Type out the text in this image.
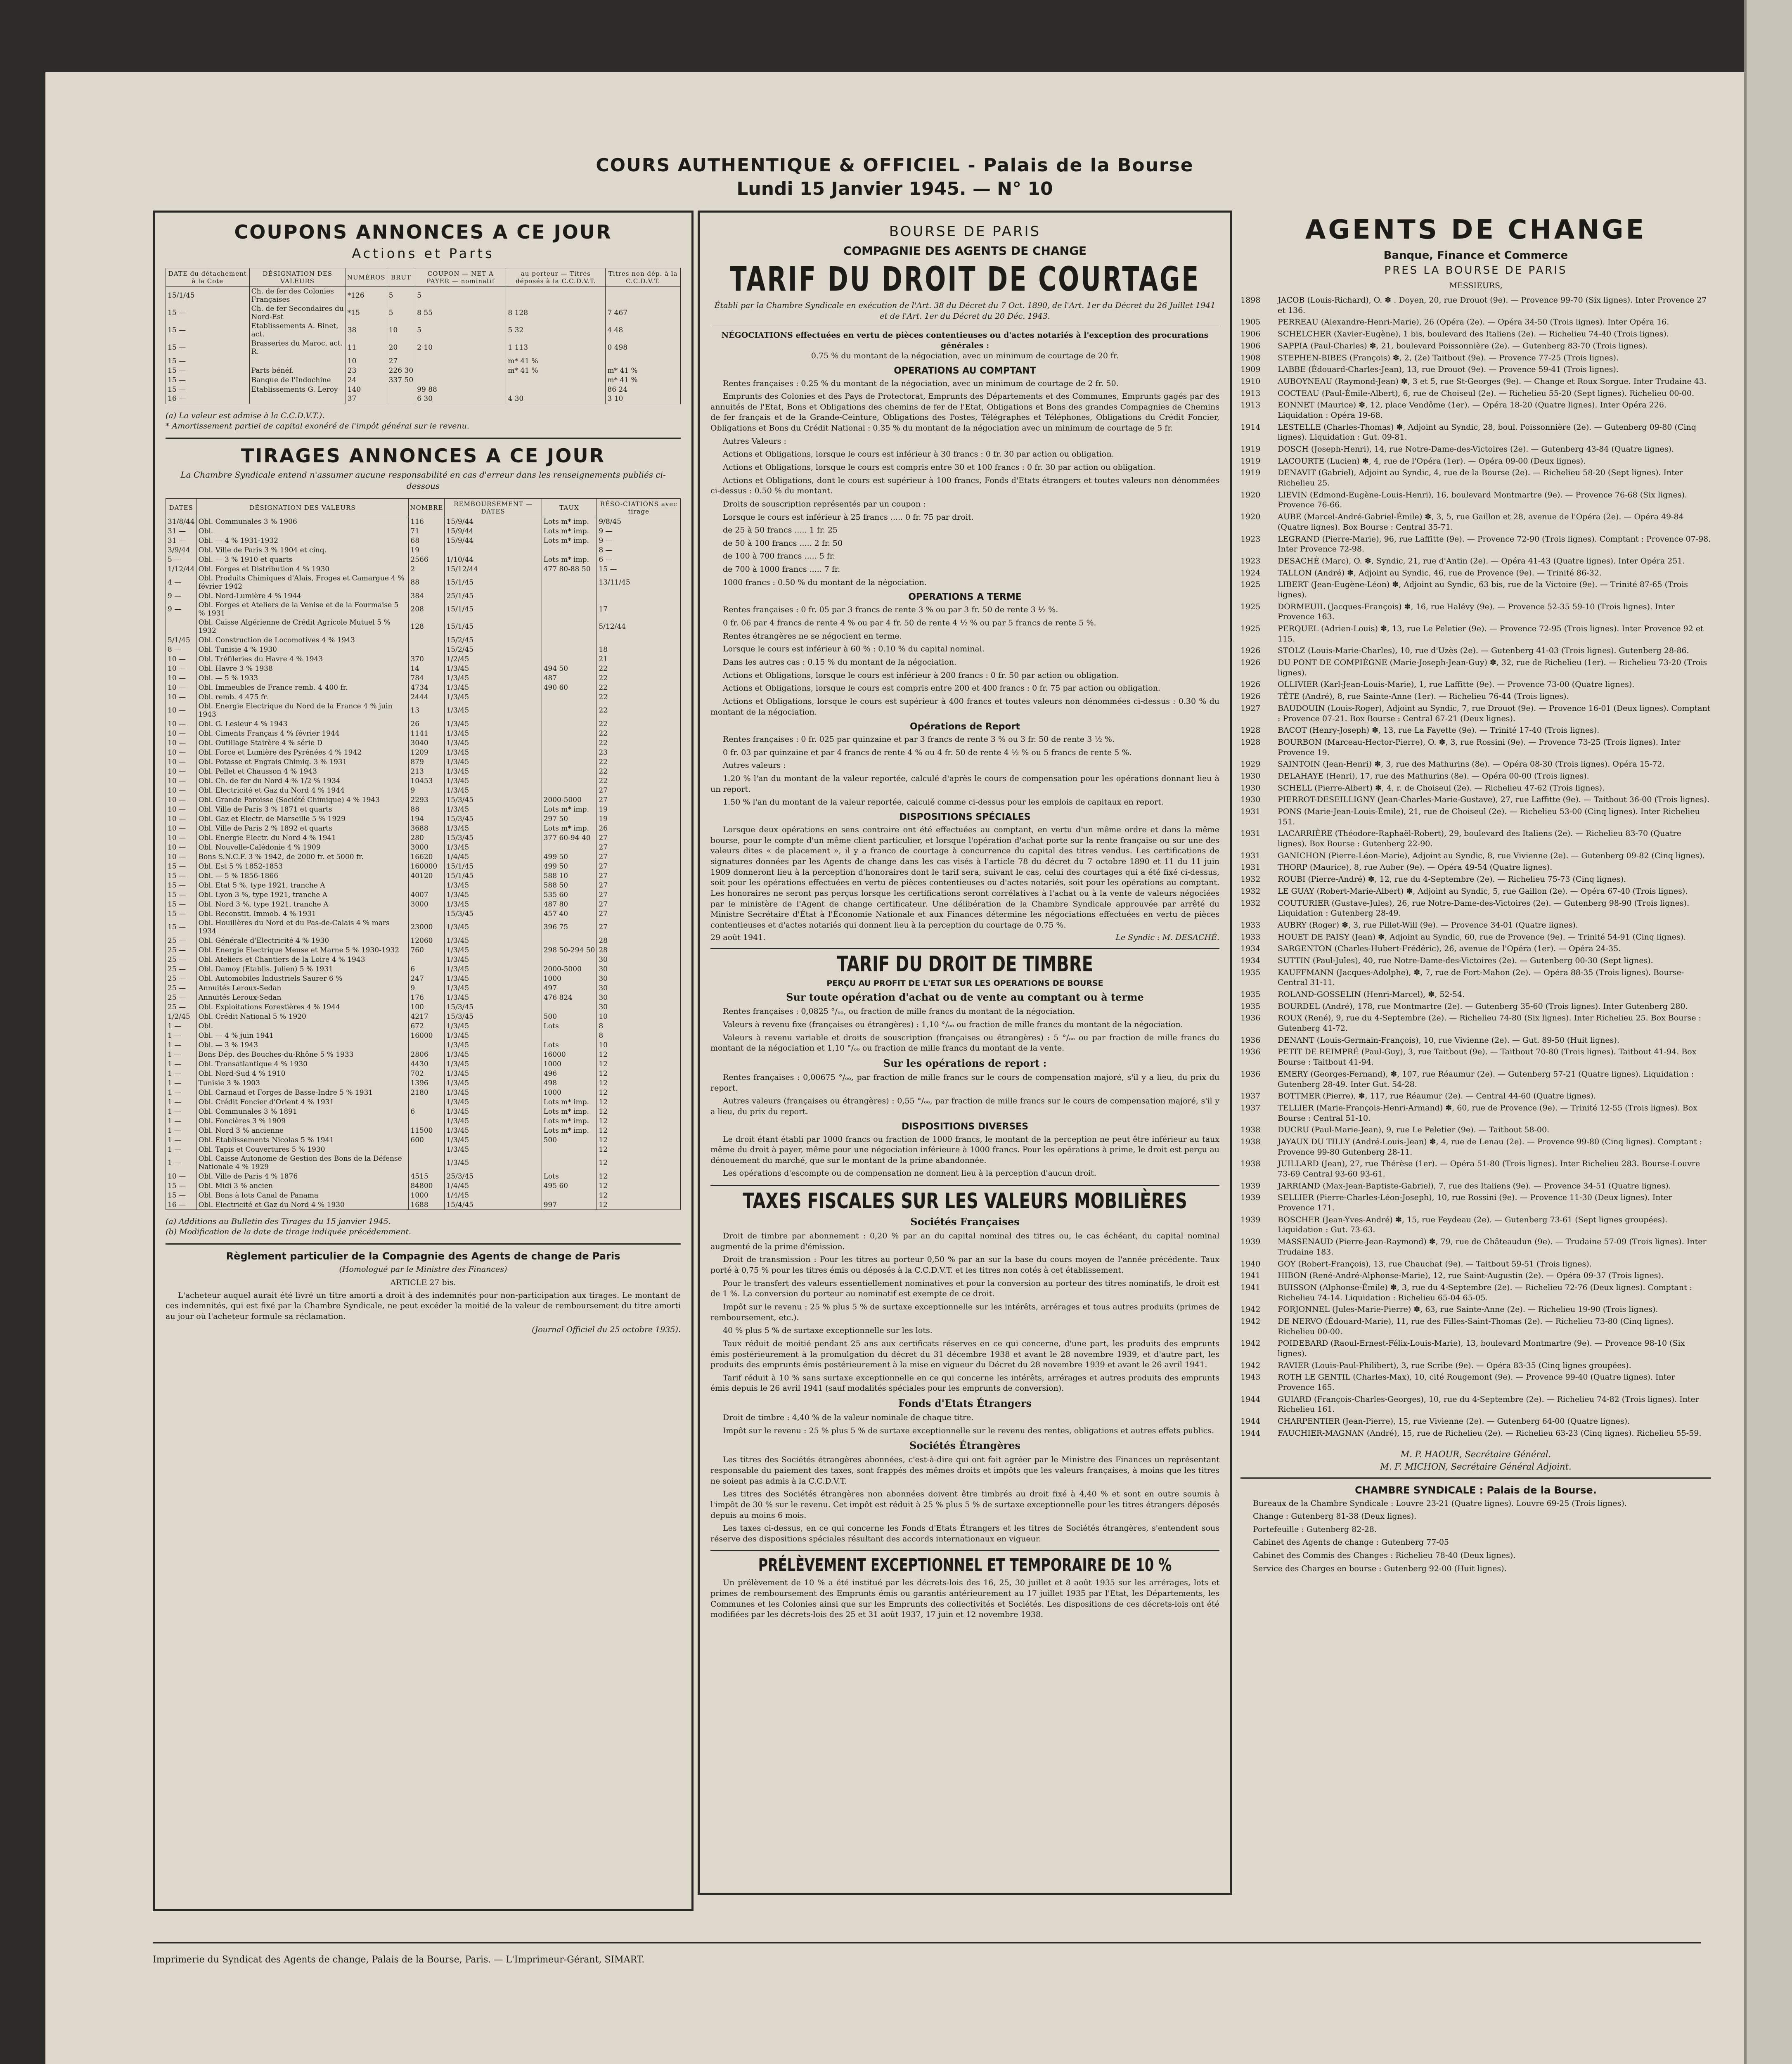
COURS AUTHENTIQUE & OFFICIEL - Palais de la Bourse
Lundi 15 Janvier 1945. — N° 10
COUPONS ANNONCES A CE JOUR
Actions et Parts
DATE du détachement à la Cote	DÉSIGNATION DES VALEURS	NUMÉROS	BRUT	COUPON — NET A PAYER — nominatif	au porteur — Titres déposés à la C.C.D.V.T.	Titres non dép. à la C.C.D.V.T.
15/1/45	Ch. de fer des Colonies Françaises	*126	5	5		
15 —	Ch. de fer Secondaires du Nord-Est	*15	5	8 55	8 128	7 467
15 —	Etablissements A. Binet, act.	38	10	5	5 32	4 48
15 —	Brasseries du Maroc, act. R.	11	20	2 10	1 113	0 498
15 —		10	27		m* 41 %	
15 —	Parts bénéf.	23	226 30		m* 41 %	m* 41 %
15 —	Banque de l'Indochine	24	337 50			m* 41 %
15 —	Etablissements G. Leroy	140		99 88		86 24
16 —		37		6 30	4 30	3 10
(a) La valeur est admise à la C.C.D.V.T.).
* Amortissement partiel de capital exonéré de l'impôt général sur le revenu.
TIRAGES ANNONCES A CE JOUR
La Chambre Syndicale entend n'assumer aucune responsabilité en cas d'erreur dans les renseignements publiés ci-dessous
DATES	DÉSIGNATION DES VALEURS	NOMBRE	REMBOURSEMENT — DATES	TAUX	RÉSO-CIATIONS avec tirage
31/8/44	Obl. Communales 3 % 1906	116	15/9/44	Lots m* imp.	9/8/45
31 —	Obl.	71	15/9/44	Lots m* imp.	9 —
31 —	Obl. — 4 % 1931-1932	68	15/9/44	Lots m* imp.	9 —
3/9/44	Obl. Ville de Paris 3 % 1904 et cinq.	19			8 —
5 —	Obl. — 3 % 1910 et quarts	2566	1/10/44	Lots m* imp.	6 —
1/12/44	Obl. Forges et Distribution 4 % 1930	2	15/12/44	477 80-88 50	15 —
4 —	Obl. Produits Chimiques d'Alais, Froges et Camargue 4 % février 1942	88	15/1/45		13/11/45
9 —	Obl. Nord-Lumière 4 % 1944	384	25/1/45		
9 —	Obl. Forges et Ateliers de la Venise et de la Fourmaise 5 % 1931	208	15/1/45		17
	Obl. Caisse Algérienne de Crédit Agricole Mutuel 5 % 1932	128	15/1/45		5/12/44
5/1/45	Obl. Construction de Locomotives 4 % 1943		15/2/45		
8 —	Obl. Tunisie 4 % 1930		15/2/45		18
10 —	Obl. Tréfileries du Havre 4 % 1943	370	1/2/45		21
10 —	Obl. Havre 3 % 1938	14	1/3/45	494 50	22
10 —	Obl. — 5 % 1933	784	1/3/45	487	22
10 —	Obl. Immeubles de France remb. 4 400 fr.	4734	1/3/45	490 60	22
10 —	Obl. remb. 4 475 fr.	2444	1/3/45		22
10 —	Obl. Energie Electrique du Nord de la France 4 % juin 1943	13	1/3/45		22
10 —	Obl. G. Lesieur 4 % 1943	26	1/3/45		22
10 —	Obl. Ciments Français 4 % février 1944	1141	1/3/45		22
10 —	Obl. Outillage Stairère 4 % série D	3040	1/3/45		22
10 —	Obl. Force et Lumière des Pyrénées 4 % 1942	1209	1/3/45		23
10 —	Obl. Potasse et Engrais Chimiq. 3 % 1931	879	1/3/45		22
10 —	Obl. Pellet et Chausson 4 % 1943	213	1/3/45		22
10 —	Obl. Ch. de fer du Nord 4 % 1/2 % 1934	10453	1/3/45		22
10 —	Obl. Electricité et Gaz du Nord 4 % 1944	9	1/3/45		27
10 —	Obl. Grande Paroisse (Société Chimique) 4 % 1943	2293	15/3/45	2000-5000	27
10 —	Obl. Ville de Paris 3 % 1871 et quarts	88	1/3/45	Lots m* imp.	19
10 —	Obl. Gaz et Electr. de Marseille 5 % 1929	194	15/3/45	297 50	19
10 —	Obl. Ville de Paris 2 % 1892 et quarts	3688	1/3/45	Lots m* imp.	26
10 —	Obl. Energie Electr. du Nord 4 % 1941	280	15/3/45	377 60-94 40	27
10 —	Obl. Nouvelle-Calédonie 4 % 1909	3000	1/3/45		27
10 —	Bons S.N.C.F. 3 % 1942, de 2000 fr. et 5000 fr.	16620	1/4/45	499 50	27
15 —	Obl. Est 5 % 1852-1853	160000	15/1/45	499 50	27
15 —	Obl. — 5 % 1856-1866	40120	15/1/45	588 10	27
15 —	Obl. Etat 5 %, type 1921, tranche A		1/3/45	588 50	27
15 —	Obl. Lyon 3 %, type 1921, tranche A	4007	1/3/45	535 60	27
15 —	Obl. Nord 3 %, type 1921, tranche A	3000	1/3/45	487 80	27
15 —	Obl. Reconstit. Immob. 4 % 1931		15/3/45	457 40	27
15 —	Obl. Houillères du Nord et du Pas-de-Calais 4 % mars 1934	23000	1/3/45	396 75	27
25 —	Obl. Générale d'Electricité 4 % 1930	12060	1/3/45		28
25 —	Obl. Energie Electrique Meuse et Marne 5 % 1930-1932	760	1/3/45	298 50-294 50	28
25 —	Obl. Ateliers et Chantiers de la Loire 4 % 1943		1/3/45		30
25 —	Obl. Damoy (Etablis. Julien) 5 % 1931	6	1/3/45	2000-5000	30
25 —	Obl. Automobiles Industriels Saurer 6 %	247	1/3/45	1000	30
25 —	Annuités Leroux-Sedan	9	1/3/45	497	30
25 —	Annuités Leroux-Sedan	176	1/3/45	476 824	30
25 —	Obl. Exploitations Forestières 4 % 1944	100	15/3/45		30
1/2/45	Obl. Crédit National 5 % 1920	4217	15/3/45	500	10
1 —	Obl.	672	1/3/45	Lots	8
1 —	Obl. — 4 % juin 1941	16000	1/3/45		8
1 —	Obl. — 3 % 1943		1/3/45	Lots	10
1 —	Bons Dép. des Bouches-du-Rhône 5 % 1933	2806	1/3/45	16000	12
1 —	Obl. Transatlantique 4 % 1930	4430	1/3/45	1000	12
1 —	Obl. Nord-Sud 4 % 1910	702	1/3/45	496	12
1 —	Tunisie 3 % 1903	1396	1/3/45	498	12
1 —	Obl. Carnaud et Forges de Basse-Indre 5 % 1931	2180	1/3/45	1000	12
1 —	Obl. Crédit Foncier d'Orient 4 % 1931		1/3/45	Lots m* imp.	12
1 —	Obl. Communales 3 % 1891	6	1/3/45	Lots m* imp.	12
1 —	Obl. Foncières 3 % 1909		1/3/45	Lots m* imp.	12
1 —	Obl. Nord 3 % ancienne	11500	1/3/45	Lots m* imp.	12
1 —	Obl. Établissements Nicolas 5 % 1941	600	1/3/45	500	12
1 —	Obl. Tapis et Couvertures 5 % 1930		1/3/45		12
1 —	Obl. Caisse Autonome de Gestion des Bons de la Défense Nationale 4 % 1929		1/3/45		12
10 —	Obl. Ville de Paris 4 % 1876	4515	25/3/45	Lots	12
15 —	Obl. Midi 3 % ancien	84800	1/4/45	495 60	12
15 —	Obl. Bons à lots Canal de Panama	1000	1/4/45		12
16 —	Obl. Electricité et Gaz du Nord 4 % 1930	1688	15/4/45	997	12
(a) Additions au Bulletin des Tirages du 15 janvier 1945.
(b) Modification de la date de tirage indiquée précédemment.
Règlement particulier de la Compagnie des Agents de change de Paris
(Homologué par le Ministre des Finances)
ARTICLE 27 bis.
L'acheteur auquel aurait été livré un titre amorti a droit à des indemnités pour non-participation aux tirages. Le montant de ces indemnités, qui est fixé par la Chambre Syndicale, ne peut excéder la moitié de la valeur de remboursement du titre amorti au jour où l'acheteur formule sa réclamation.
(Journal Officiel du 25 octobre 1935).
BOURSE DE PARIS
COMPAGNIE DES AGENTS DE CHANGE
TARIF DU DROIT DE COURTAGE
Établi par la Chambre Syndicale en exécution de l'Art. 38 du Décret du 7 Oct. 1890, de l'Art. 1er du Décret du 26 Juillet 1941 et de l'Art. 1er du Décret du 20 Déc. 1943.
NÉGOCIATIONS effectuées en vertu de pièces contentieuses ou d'actes notariés à l'exception des procurations générales :
0.75 % du montant de la négociation, avec un minimum de courtage de 20 fr.
OPERATIONS AU COMPTANT
Rentes françaises : 0.25 % du montant de la négociation, avec un minimum de courtage de 2 fr. 50.
Emprunts des Colonies et des Pays de Protectorat, Emprunts des Départements et des Communes, Emprunts gagés par des annuités de l'Etat, Bons et Obligations des chemins de fer de l'Etat, Obligations et Bons des grandes Compagnies de Chemins de fer français et de la Grande-Ceinture, Obligations des Postes, Télégraphes et Téléphones, Obligations du Crédit Foncier, Obligations et Bons du Crédit National : 0.35 % du montant de la négociation avec un minimum de courtage de 5 fr.
Autres Valeurs :
Actions et Obligations, lorsque le cours est inférieur à 30 francs : 0 fr. 30 par action ou obligation.
Actions et Obligations, lorsque le cours est compris entre 30 et 100 francs : 0 fr. 30 par action ou obligation.
Actions et Obligations, dont le cours est supérieur à 100 francs, Fonds d'Etats étrangers et toutes valeurs non dénommées ci-dessus : 0.50 % du montant.
Droits de souscription représentés par un coupon :
Lorsque le cours est inférieur à 25 francs ..... 0 fr. 75 par droit.
de 25 à 50 francs ..... 1 fr. 25
de 50 à 100 francs ..... 2 fr. 50
de 100 à 700 francs ..... 5 fr.
de 700 à 1000 francs ..... 7 fr.
1000 francs : 0.50 % du montant de la négociation.
OPERATIONS A TERME
Rentes françaises : 0 fr. 05 par 3 francs de rente 3 % ou par 3 fr. 50 de rente 3 ½ %.
0 fr. 06 par 4 francs de rente 4 % ou par 4 fr. 50 de rente 4 ½ % ou par 5 francs de rente 5 %.
Rentes étrangères ne se négocient en terme.
Lorsque le cours est inférieur à 60 % : 0.10 % du capital nominal.
Dans les autres cas : 0.15 % du montant de la négociation.
Actions et Obligations, lorsque le cours est inférieur à 200 francs : 0 fr. 50 par action ou obligation.
Actions et Obligations, lorsque le cours est compris entre 200 et 400 francs : 0 fr. 75 par action ou obligation.
Actions et Obligations, lorsque le cours est supérieur à 400 francs et toutes valeurs non dénommées ci-dessus : 0.30 % du montant de la négociation.
Opérations de Report
Rentes françaises : 0 fr. 025 par quinzaine et par 3 francs de rente 3 % ou 3 fr. 50 de rente 3 ½ %.
0 fr. 03 par quinzaine et par 4 francs de rente 4 % ou 4 fr. 50 de rente 4 ½ % ou 5 francs de rente 5 %.
Autres valeurs :
1.20 % l'an du montant de la valeur reportée, calculé d'après le cours de compensation pour les opérations donnant lieu à un report.
1.50 % l'an du montant de la valeur reportée, calculé comme ci-dessus pour les emplois de capitaux en report.
DISPOSITIONS SPÉCIALES
Lorsque deux opérations en sens contraire ont été effectuées au comptant, en vertu d'un même ordre et dans la même bourse, pour le compte d'un même client particulier, et lorsque l'opération d'achat porte sur la rente française ou sur une des valeurs dites « de placement », il y a franco de courtage à concurrence du capital des titres vendus. Les certifications de signatures données par les Agents de change dans les cas visés à l'article 78 du décret du 7 octobre 1890 et 11 du 11 juin 1909 donneront lieu à la perception d'honoraires dont le tarif sera, suivant le cas, celui des courtages qui a été fixé ci-dessus, soit pour les opérations effectuées en vertu de pièces contentieuses ou d'actes notariés, soit pour les opérations au comptant. Les honoraires ne seront pas perçus lorsque les certifications seront corrélatives à l'achat ou à la vente de valeurs négociées par le ministère de l'Agent de change certificateur. Une délibération de la Chambre Syndicale approuvée par arrêté du Ministre Secrétaire d'État à l'Économie Nationale et aux Finances détermine les négociations effectuées en vertu de pièces contentieuses et d'actes notariés qui donnent lieu à la perception du courtage de 0.75 %.
29 août 1941.	Le Syndic : M. DESACHÉ.
TARIF DU DROIT DE TIMBRE
PERÇU AU PROFIT DE L'ETAT SUR LES OPERATIONS DE BOURSE
Sur toute opération d'achat ou de vente au comptant ou à terme
Rentes françaises : 0,0825 °/ₒₒ, ou fraction de mille francs du montant de la négociation.
Valeurs à revenu fixe (françaises ou étrangères) : 1,10 °/ₒₒ ou fraction de mille francs du montant de la négociation.
Valeurs à revenu variable et droits de souscription (françaises ou étrangères) : 5 °/ₒₒ ou par fraction de mille francs du montant de la négociation et 1,10 °/ₒₒ ou fraction de mille francs du montant de la vente.
Sur les opérations de report :
Rentes françaises : 0,00675 °/ₒₒ, par fraction de mille francs sur le cours de compensation majoré, s'il y a lieu, du prix du report.
Autres valeurs (françaises ou étrangères) : 0,55 °/ₒₒ, par fraction de mille francs sur le cours de compensation majoré, s'il y a lieu, du prix du report.
DISPOSITIONS DIVERSES
Le droit étant établi par 1000 francs ou fraction de 1000 francs, le montant de la perception ne peut être inférieur au taux même du droit à payer, même pour une négociation inférieure à 1000 francs. Pour les opérations à prime, le droit est perçu au dénouement du marché, que sur le montant de la prime abandonnée.
Les opérations d'escompte ou de compensation ne donnent lieu à la perception d'aucun droit.
TAXES FISCALES SUR LES VALEURS MOBILIÈRES
Sociétés Françaises
Droit de timbre par abonnement : 0,20 % par an du capital nominal des titres ou, le cas échéant, du capital nominal augmenté de la prime d'émission.
Droit de transmission : Pour les titres au porteur 0,50 % par an sur la base du cours moyen de l'année précédente. Taux porté à 0,75 % pour les titres émis ou déposés à la C.C.D.V.T. et les titres non cotés à cet établissement.
Pour le transfert des valeurs essentiellement nominatives et pour la conversion au porteur des titres nominatifs, le droit est de 1 %. La conversion du porteur au nominatif est exempte de ce droit.
Impôt sur le revenu : 25 % plus 5 % de surtaxe exceptionnelle sur les intérêts, arrérages et tous autres produits (primes de remboursement, etc.).
40 % plus 5 % de surtaxe exceptionnelle sur les lots.
Taux réduit de moitié pendant 25 ans aux certificats réserves en ce qui concerne, d'une part, les produits des emprunts émis postérieurement à la promulgation du décret du 31 décembre 1938 et avant le 28 novembre 1939, et d'autre part, les produits des emprunts émis postérieurement à la mise en vigueur du Décret du 28 novembre 1939 et avant le 26 avril 1941.
Tarif réduit à 10 % sans surtaxe exceptionnelle en ce qui concerne les intérêts, arrérages et autres produits des emprunts émis depuis le 26 avril 1941 (sauf modalités spéciales pour les emprunts de conversion).
Fonds d'Etats Étrangers
Droit de timbre : 4,40 % de la valeur nominale de chaque titre.
Impôt sur le revenu : 25 % plus 5 % de surtaxe exceptionnelle sur le revenu des rentes, obligations et autres effets publics.
Sociétés Étrangères
Les titres des Sociétés étrangères abonnées, c'est-à-dire qui ont fait agréer par le Ministre des Finances un représentant responsable du paiement des taxes, sont frappés des mêmes droits et impôts que les valeurs françaises, à moins que les titres ne soient pas admis à la C.C.D.V.T.
Les titres des Sociétés étrangères non abonnées doivent être timbrés au droit fixé à 4,40 % et sont en outre soumis à l'impôt de 30 % sur le revenu. Cet impôt est réduit à 25 % plus 5 % de surtaxe exceptionnelle pour les titres étrangers déposés depuis au moins 6 mois.
Les taxes ci-dessus, en ce qui concerne les Fonds d'Etats Étrangers et les titres de Sociétés étrangères, s'entendent sous réserve des dispositions spéciales résultant des accords internationaux en vigueur.
PRÉLÈVEMENT EXCEPTIONNEL ET TEMPORAIRE DE 10 %
Un prélèvement de 10 % a été institué par les décrets-lois des 16, 25, 30 juillet et 8 août 1935 sur les arrérages, lots et primes de remboursement des Emprunts émis ou garantis antérieurement au 17 juillet 1935 par l'Etat, les Départements, les Communes et les Colonies ainsi que sur les Emprunts des collectivités et Sociétés. Les dispositions de ces décrets-lois ont été modifiées par les décrets-lois des 25 et 31 août 1937, 17 juin et 12 novembre 1938.
AGENTS DE CHANGE
Banque, Finance et Commerce
PRES LA BOURSE DE PARIS
MESSIEURS,
1898	JACOB (Louis-Richard), O. ✽ . Doyen, 20, rue Drouot (9e). — Provence 99-70 (Six lignes). Inter Provence 27 et 136.
1905	PERREAU (Alexandre-Henri-Marie), 26 (Opéra (2e). — Opéra 34-50 (Trois lignes). Inter Opéra 16.
1906	SCHELCHER (Xavier-Eugène), 1 bis, boulevard des Italiens (2e). — Richelieu 74-40 (Trois lignes).
1906	SAPPIA (Paul-Charles) ✽, 21, boulevard Poissonnière (2e). — Gutenberg 83-70 (Trois lignes).
1908	STEPHEN-BIBES (François) ✽, 2, (2e) Taitbout (9e). — Provence 77-25 (Trois lignes).
1909	LABBE (Édouard-Charles-Jean), 13, rue Drouot (9e). — Provence 59-41 (Trois lignes).
1910	AUBOYNEAU (Raymond-Jean) ✽, 3 et 5, rue St-Georges (9e). — Change et Roux Sorgue. Inter Trudaine 43.
1913	COCTEAU (Paul-Émile-Albert), 6, rue de Choiseul (2e). — Richelieu 55-20 (Sept lignes). Richelieu 00-00.
1913	EONNET (Maurice) ✽, 12, place Vendôme (1er). — Opéra 18-20 (Quatre lignes). Inter Opéra 226. Liquidation : Opéra 19-68.
1914	LESTELLE (Charles-Thomas) ✽, Adjoint au Syndic, 28, boul. Poissonnière (2e). — Gutenberg 09-80 (Cinq lignes). Liquidation : Gut. 09-81.
1919	DOSCH (Joseph-Henri), 14, rue Notre-Dame-des-Victoires (2e). — Gutenberg 43-84 (Quatre lignes).
1919	LACOURTE (Lucien) ✽, 4, rue de l'Opéra (1er). — Opéra 09-00 (Deux lignes).
1919	DENAVIT (Gabriel), Adjoint au Syndic, 4, rue de la Bourse (2e). — Richelieu 58-20 (Sept lignes). Inter Richelieu 25.
1920	LIEVIN (Edmond-Eugène-Louis-Henri), 16, boulevard Montmartre (9e). — Provence 76-68 (Six lignes). Provence 76-66.
1920	AUBE (Marcel-André-Gabriel-Émile) ✽, 3, 5, rue Gaillon et 28, avenue de l'Opéra (2e). — Opéra 49-84 (Quatre lignes). Box Bourse : Central 35-71.
1923	LEGRAND (Pierre-Marie), 96, rue Laffitte (9e). — Provence 72-90 (Trois lignes). Comptant : Provence 07-98. Inter Provence 72-98.
1923	DESACHÉ (Marc), O. ✽, Syndic, 21, rue d'Antin (2e). — Opéra 41-43 (Quatre lignes). Inter Opéra 251.
1924	TALLON (André) ✽, Adjoint au Syndic, 46, rue de Provence (9e). — Trinité 86-32.
1925	LIBERT (Jean-Eugène-Léon) ✽, Adjoint au Syndic, 63 bis, rue de la Victoire (9e). — Trinité 87-65 (Trois lignes).
1925	DORMEUIL (Jacques-François) ✽, 16, rue Halévy (9e). — Provence 52-35 59-10 (Trois lignes). Inter Provence 163.
1925	PERQUEL (Adrien-Louis) ✽, 13, rue Le Peletier (9e). — Provence 72-95 (Trois lignes). Inter Provence 92 et 115.
1926	STOLZ (Louis-Marie-Charles), 10, rue d'Uzès (2e). — Gutenberg 41-03 (Trois lignes). Gutenberg 28-86.
1926	DU PONT DE COMPIÈGNE (Marie-Joseph-Jean-Guy) ✽, 32, rue de Richelieu (1er). — Richelieu 73-20 (Trois lignes).
1926	OLLIVIER (Karl-Jean-Louis-Marie), 1, rue Laffitte (9e). — Provence 73-00 (Quatre lignes).
1926	TÊTE (André), 8, rue Sainte-Anne (1er). — Richelieu 76-44 (Trois lignes).
1927	BAUDOUIN (Louis-Roger), Adjoint au Syndic, 7, rue Drouot (9e). — Provence 16-01 (Deux lignes). Comptant : Provence 07-21. Box Bourse : Central 67-21 (Deux lignes).
1928	BACOT (Henry-Joseph) ✽, 13, rue La Fayette (9e). — Trinité 17-40 (Trois lignes).
1928	BOURBON (Marceau-Hector-Pierre), O. ✽, 3, rue Rossini (9e). — Provence 73-25 (Trois lignes). Inter Provence 19.
1929	SAINTOIN (Jean-Henri) ✽, 3, rue des Mathurins (8e). — Opéra 08-30 (Trois lignes). Opéra 15-72.
1930	DELAHAYE (Henri), 17, rue des Mathurins (8e). — Opéra 00-00 (Trois lignes).
1930	SCHELL (Pierre-Albert) ✽, 4, r. de Choiseul (2e). — Richelieu 47-62 (Trois lignes).
1930	PIERROT-DESEILLIGNY (Jean-Charles-Marie-Gustave), 27, rue Laffitte (9e). — Taitbout 36-00 (Trois lignes).
1931	PONS (Marie-Jean-Louis-Émile), 21, rue de Choiseul (2e). — Richelieu 53-00 (Cinq lignes). Inter Richelieu 151.
1931	LACARRIÈRE (Théodore-Raphaël-Robert), 29, boulevard des Italiens (2e). — Richelieu 83-70 (Quatre lignes). Box Bourse : Gutenberg 22-90.
1931	GANICHON (Pierre-Léon-Marie), Adjoint au Syndic, 8, rue Vivienne (2e). — Gutenberg 09-82 (Cinq lignes).
1931	THORP (Maurice), 8, rue Auber (9e). — Opéra 49-54 (Quatre lignes).
1932	ROUBI (Pierre-André) ✽, 12, rue du 4-Septembre (2e). — Richelieu 75-73 (Cinq lignes).
1932	LE GUAY (Robert-Marie-Albert) ✽, Adjoint au Syndic, 5, rue Gaillon (2e). — Opéra 67-40 (Trois lignes).
1932	COUTURIER (Gustave-Jules), 26, rue Notre-Dame-des-Victoires (2e). — Gutenberg 98-90 (Trois lignes). Liquidation : Gutenberg 28-49.
1933	AUBRY (Roger) ✽, 3, rue Pillet-Will (9e). — Provence 34-01 (Quatre lignes).
1933	HOUET DE PAISY (Jean) ✽, Adjoint au Syndic, 60, rue de Provence (9e). — Trinité 54-91 (Cinq lignes).
1934	SARGENTON (Charles-Hubert-Frédéric), 26, avenue de l'Opéra (1er). — Opéra 24-35.
1934	SUTTIN (Paul-Jules), 40, rue Notre-Dame-des-Victoires (2e). — Gutenberg 00-30 (Sept lignes).
1935	KAUFFMANN (Jacques-Adolphe), ✽, 7, rue de Fort-Mahon (2e). — Opéra 88-35 (Trois lignes). Bourse-Central 31-11.
1935	ROLAND-GOSSELIN (Henri-Marcel), ✽, 52-54.
1935	BOURDEL (André), 178, rue Montmartre (2e). — Gutenberg 35-60 (Trois lignes). Inter Gutenberg 280.
1936	ROUX (René), 9, rue du 4-Septembre (2e). — Richelieu 74-80 (Six lignes). Inter Richelieu 25. Box Bourse : Gutenberg 41-72.
1936	DENANT (Louis-Germain-François), 10, rue Vivienne (2e). — Gut. 89-50 (Huit lignes).
1936	PETIT DE REIMPRÉ (Paul-Guy), 3, rue Taitbout (9e). — Taitbout 70-80 (Trois lignes). Taitbout 41-94. Box Bourse : Taitbout 41-94.
1936	EMERY (Georges-Fernand), ✽, 107, rue Réaumur (2e). — Gutenberg 57-21 (Quatre lignes). Liquidation : Gutenberg 28-49. Inter Gut. 54-28.
1937	BOTTMER (Pierre), ✽, 117, rue Réaumur (2e). — Central 44-60 (Quatre lignes).
1937	TELLIER (Marie-François-Henri-Armand) ✽, 60, rue de Provence (9e). — Trinité 12-55 (Trois lignes). Box Bourse : Central 51-10.
1938	DUCRU (Paul-Marie-Jean), 9, rue Le Peletier (9e). — Taitbout 58-00.
1938	JAYAUX DU TILLY (André-Louis-Jean) ✽, 4, rue de Lenau (2e). — Provence 99-80 (Cinq lignes). Comptant : Provence 99-80 Gutenberg 28-11.
1938	JUILLARD (Jean), 27, rue Thérèse (1er). — Opéra 51-80 (Trois lignes). Inter Richelieu 283. Bourse-Louvre 73-69 Central 93-60 93-61.
1939	JARRIAND (Max-Jean-Baptiste-Gabriel), 7, rue des Italiens (9e). — Provence 34-51 (Quatre lignes).
1939	SELLIER (Pierre-Charles-Léon-Joseph), 10, rue Rossini (9e). — Provence 11-30 (Deux lignes). Inter Provence 171.
1939	BOSCHER (Jean-Yves-André) ✽, 15, rue Feydeau (2e). — Gutenberg 73-61 (Sept lignes groupées). Liquidation : Gut. 73-63.
1939	MASSENAUD (Pierre-Jean-Raymond) ✽, 79, rue de Châteaudun (9e). — Trudaine 57-09 (Trois lignes). Inter Trudaine 183.
1940	GOY (Robert-François), 13, rue Chauchat (9e). — Taitbout 59-51 (Trois lignes).
1941	HIBON (René-André-Alphonse-Marie), 12, rue Saint-Augustin (2e). — Opéra 09-37 (Trois lignes).
1941	BUISSON (Alphonse-Émile) ✽, 3, rue du 4-Septembre (2e). — Richelieu 72-76 (Deux lignes). Comptant : Richelieu 74-14. Liquidation : Richelieu 65-04 65-05.
1942	FORJONNEL (Jules-Marie-Pierre) ✽, 63, rue Sainte-Anne (2e). — Richelieu 19-90 (Trois lignes).
1942	DE NERVO (Édouard-Marie), 11, rue des Filles-Saint-Thomas (2e). — Richelieu 73-80 (Cinq lignes). Richelieu 00-00.
1942	POIDEBARD (Raoul-Ernest-Félix-Louis-Marie), 13, boulevard Montmartre (9e). — Provence 98-10 (Six lignes).
1942	RAVIER (Louis-Paul-Philibert), 3, rue Scribe (9e). — Opéra 83-35 (Cinq lignes groupées).
1943	ROTH LE GENTIL (Charles-Max), 10, cité Rougemont (9e). — Provence 99-40 (Quatre lignes). Inter Provence 165.
1944	GUIARD (François-Charles-Georges), 10, rue du 4-Septembre (2e). — Richelieu 74-82 (Trois lignes). Inter Richelieu 161.
1944	CHARPENTIER (Jean-Pierre), 15, rue Vivienne (2e). — Gutenberg 64-00 (Quatre lignes).
1944	FAUCHIER-MAGNAN (André), 15, rue de Richelieu (2e). — Richelieu 63-23 (Cinq lignes). Richelieu 55-59.
M. P. HAOUR, Secrétaire Général.
M. F. MICHON, Secrétaire Général Adjoint.
CHAMBRE SYNDICALE : Palais de la Bourse.
Bureaux de la Chambre Syndicale : Louvre 23-21 (Quatre lignes). Louvre 69-25 (Trois lignes).
Change : Gutenberg 81-38 (Deux lignes).
Portefeuille : Gutenberg 82-28.
Cabinet des Agents de change : Gutenberg 77-05
Cabinet des Commis des Changes : Richelieu 78-40 (Deux lignes).
Service des Charges en bourse : Gutenberg 92-00 (Huit lignes).
Imprimerie du Syndicat des Agents de change, Palais de la Bourse, Paris. — L'Imprimeur-Gérant, SIMART.
